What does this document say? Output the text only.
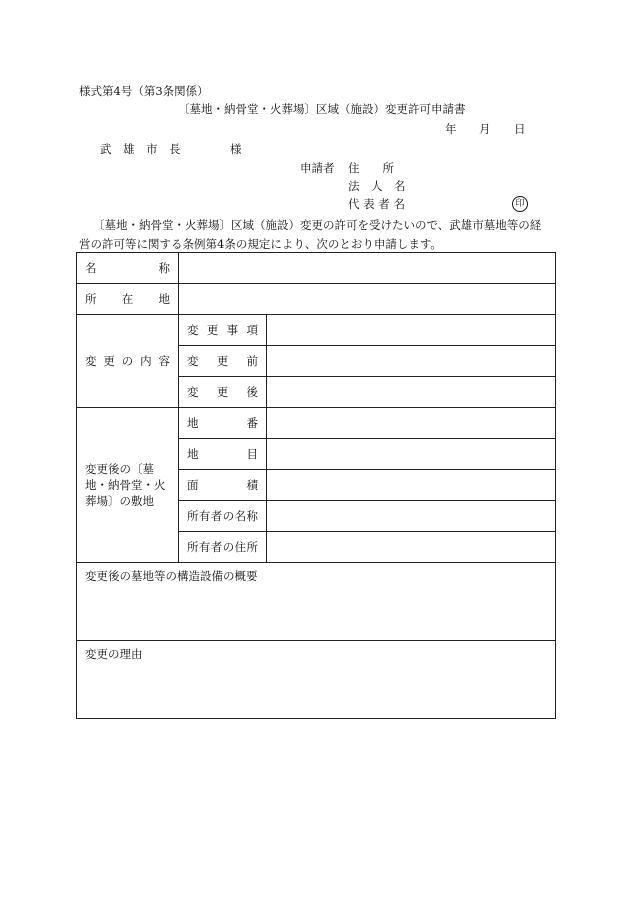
様式第4号（第3条関係）
〔墓地・納骨堂・火葬場〕区域（施設）変更許可申請書
年 月 日
武　雄　市　長	様
申請者 住　　所
法　人　名
代 表 者 名	印

〔墓地・納骨堂・火葬場〕区域（施設）変更の許可を受けたいので、武雄市墓地等の経

営の許可等に関する条例第4条の規定により、次のとおり申請します。

名　　　　称		
所　在　地		
変 更 の 内 容	変 更 事 項	
	変　更　前	
	変　更　後	
変更後の〔墓地・納骨堂・火葬場〕の敷地	地　　　番	
	地　　　目	
	面　　　積	
	所有者の名称	
	所有者の住所	
変更後の墓地等の構造設備の概要		
変更の理由		
